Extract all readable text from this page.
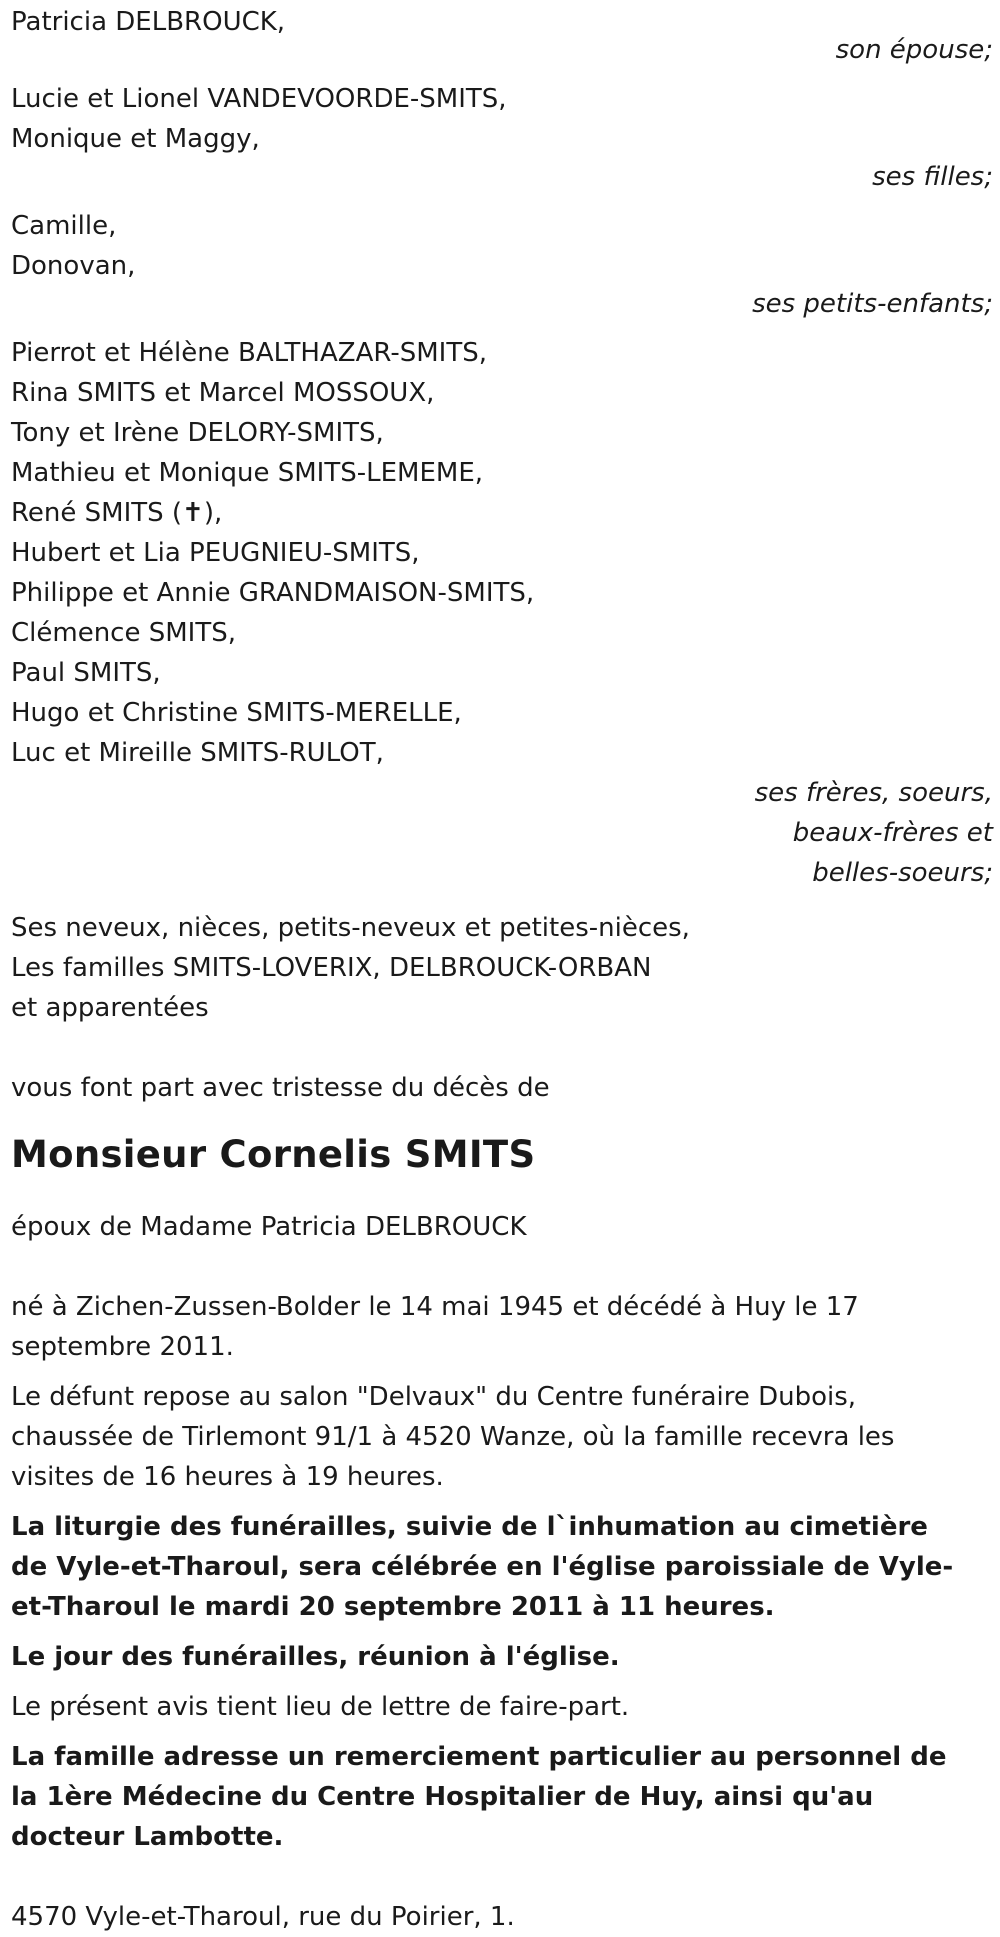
Patricia DELBROUCK,
son épouse;
Lucie et Lionel VANDEVOORDE-SMITS,
Monique et Maggy,
ses filles;
Camille,
Donovan,
ses petits-enfants;
Pierrot et Hélène BALTHAZAR-SMITS,
Rina SMITS et Marcel MOSSOUX,
Tony et Irène DELORY-SMITS,
Mathieu et Monique SMITS-LEMEME,
René SMITS (✝),
Hubert et Lia PEUGNIEU-SMITS,
Philippe et Annie GRANDMAISON-SMITS,
Clémence SMITS,
Paul SMITS,
Hugo et Christine SMITS-MERELLE,
Luc et Mireille SMITS-RULOT,
ses frères, soeurs,
beaux-frères et
belles-soeurs;
Ses neveux, nièces, petits-neveux et petites-nièces,
Les familles SMITS-LOVERIX, DELBROUCK-ORBAN
et apparentées

vous font part avec tristesse du décès de

Monsieur Cornelis SMITS

époux de Madame Patricia DELBROUCK

né à Zichen-Zussen-Bolder le 14 mai 1945 et décédé à Huy le 17 septembre 2011.

Le défunt repose au salon "Delvaux" du Centre funéraire Dubois, chaussée de Tirlemont 91/1 à 4520 Wanze, où la famille recevra les visites de 16 heures à 19 heures.

La liturgie des funérailles, suivie de l`inhumation au cimetière de Vyle-et-Tharoul, sera célébrée en l'église paroissiale de Vyle-et-Tharoul le mardi 20 septembre 2011 à 11 heures.

Le jour des funérailles, réunion à l'église.

Le présent avis tient lieu de lettre de faire-part.

La famille adresse un remerciement particulier au personnel de la 1ère Médecine du Centre Hospitalier de Huy, ainsi qu'au docteur Lambotte.

4570 Vyle-et-Tharoul, rue du Poirier, 1.
